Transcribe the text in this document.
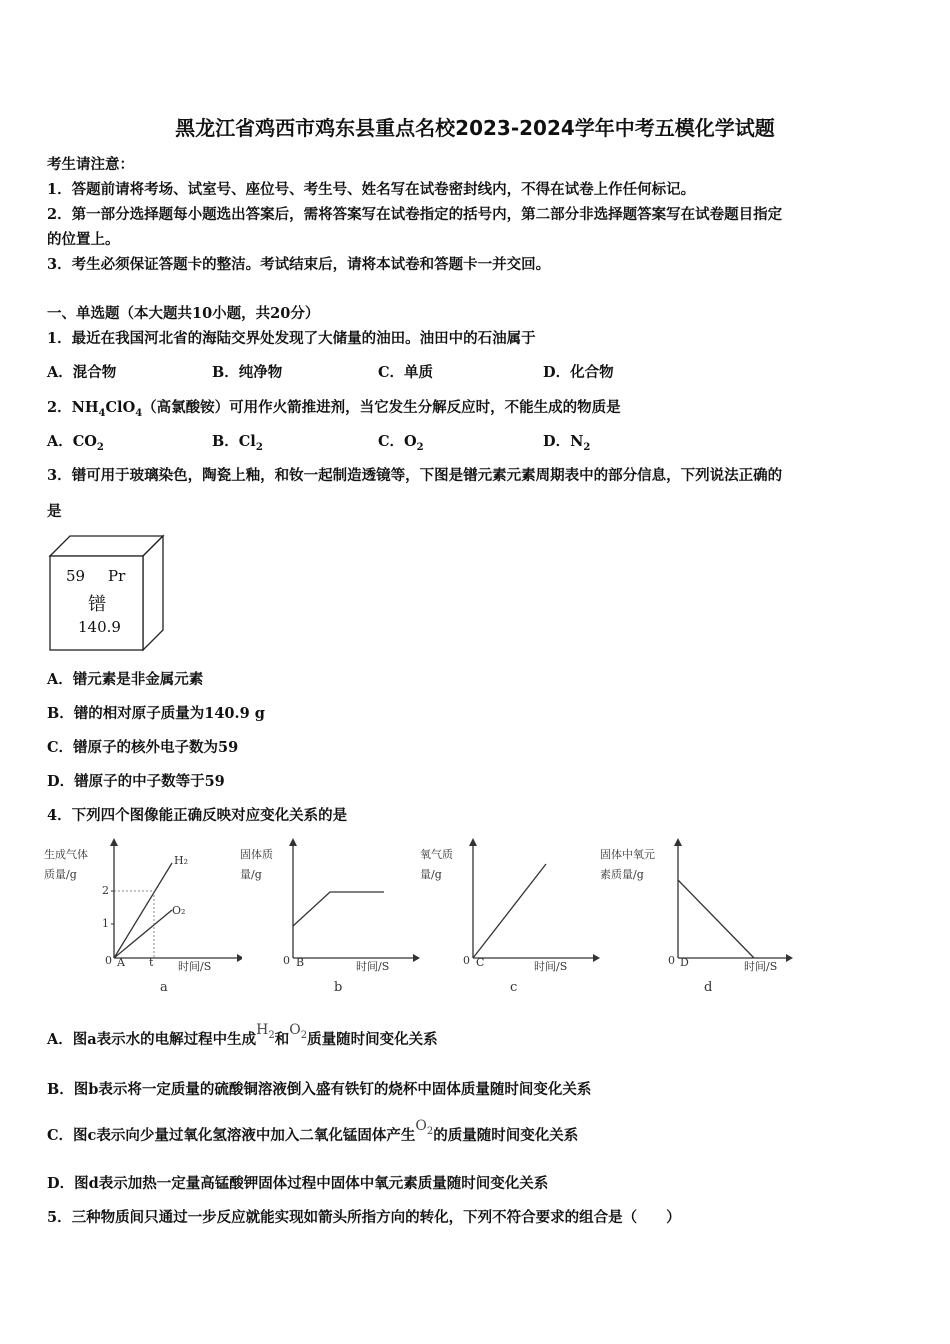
黑龙江省鸡西市鸡东县重点名校2023-2024学年中考五模化学试题
考生请注意：
1．答题前请将考场、试室号、座位号、考生号、姓名写在试卷密封线内，不得在试卷上作任何标记。
2．第一部分选择题每小题选出答案后，需将答案写在试卷指定的括号内，第二部分非选择题答案写在试卷题目指定
的位置上。
3．考生必须保证答题卡的整洁。考试结束后，请将本试卷和答题卡一并交回。
一、单选题（本大题共10小题，共20分）
1．最近在我国河北省的海陆交界处发现了大储量的油田。油田中的石油属于
A．混合物	B．纯净物	C．单质	D．化合物
2．$NH_4ClO_4$（高氯酸铵）可用作火箭推进剂，当它发生分解反应时，不能生成的物质是
A．$CO_2$	B．$Cl_2$	C．$O_2$	D．$N_2$
3．镨可用于玻璃染色，陶瓷上釉，和钕一起制造透镜等，下图是镨元素元素周期表中的部分信息，下列说法正确的
是
59 Pr
镨
140.9
A．镨元素是非金属元素
B．镨的相对原子质量为140.9 g
C．镨原子的核外电子数为59
D．镨原子的中子数等于59
4．下列四个图像能正确反映对应变化关系的是
生成气体
质量/g
2
1
0 A t 时间/S
H₂
O₂
a
固体质
量/g
0 B	时间/S
b
氧气质
量/g
0 C	时间/S
c
固体中氧元
素质量/g
0 D	时间/S
d
A．图a表示水的电解过程中生成$H_2$和$O_2$质量随时间变化关系
B．图b表示将一定质量的硫酸铜溶液倒入盛有铁钉的烧杯中固体质量随时间变化关系
C．图c表示向少量过氧化氢溶液中加入二氧化锰固体产生$O_2$的质量随时间变化关系
D．图d表示加热一定量高锰酸钾固体过程中固体中氧元素质量随时间变化关系
5．三种物质间只通过一步反应就能实现如箭头所指方向的转化，下列不符合要求的组合是（　　）
